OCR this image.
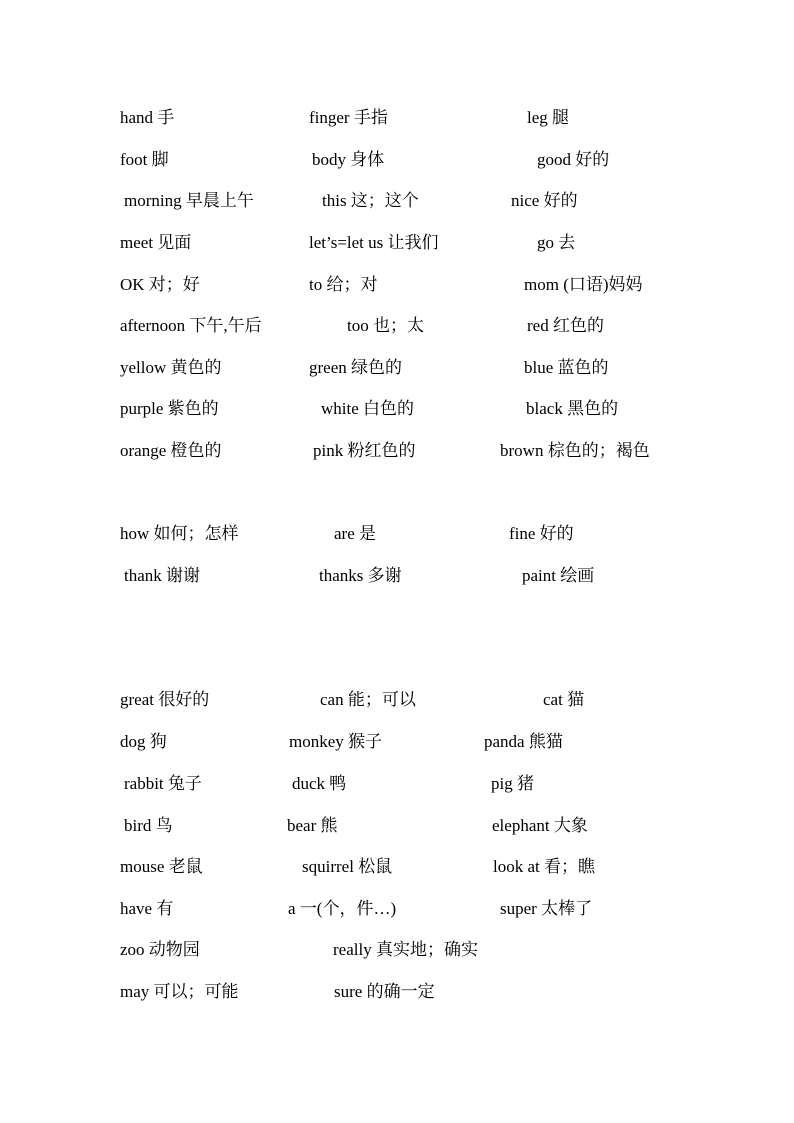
hand 手	finger 手指	leg 腿
foot 脚	body 身体	good 好的
morning 早晨上午	this 这；这个	nice 好的
meet 见面	let’s=let us 让我们	go 去
OK 对；好	to 给；对	mom (口语)妈妈
afternoon 下午,午后	too 也；太	red 红色的
yellow 黄色的	green 绿色的	blue 蓝色的
purple 紫色的	white 白色的	black 黑色的
orange 橙色的	pink 粉红色的	brown 棕色的；褐色
how 如何；怎样	are 是	fine 好的
thank 谢谢	thanks 多谢	paint 绘画
great 很好的	can 能；可以	cat 猫
dog 狗	monkey 猴子	panda 熊猫
rabbit 兔子	duck 鸭	pig 猪
bird 鸟	bear 熊	elephant 大象
mouse 老鼠	squirrel 松鼠	look at 看；瞧
have 有	a 一(个，件…)	super 太棒了
zoo 动物园	really 真实地；确实
may 可以；可能	sure 的确一定
